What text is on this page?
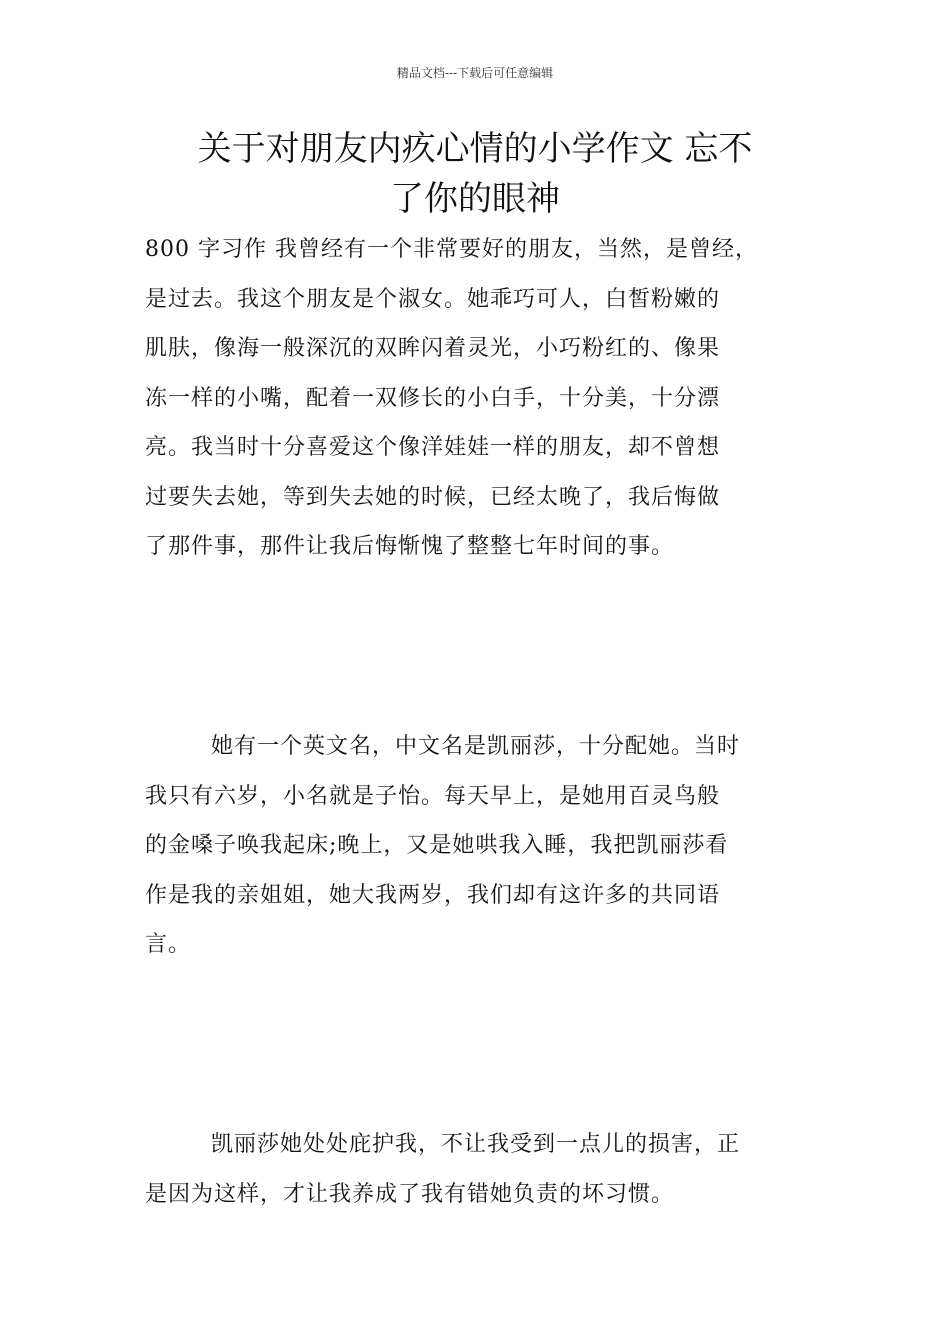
精品文档---下载后可任意编辑
关于对朋友内疚心情的小学作文 忘不
了你的眼神
800 字习作 我曾经有一个非常要好的朋友，当然，是曾经，
是过去。我这个朋友是个淑女。她乖巧可人，白皙粉嫩的
肌肤，像海一般深沉的双眸闪着灵光，小巧粉红的、像果
冻一样的小嘴，配着一双修长的小白手，十分美，十分漂
亮。我当时十分喜爱这个像洋娃娃一样的朋友，却不曾想
过要失去她，等到失去她的时候，已经太晚了，我后悔做
了那件事，那件让我后悔惭愧了整整七年时间的事。
她有一个英文名，中文名是凯丽莎，十分配她。当时
我只有六岁，小名就是子怡。每天早上，是她用百灵鸟般
的金嗓子唤我起床;晚上，又是她哄我入睡，我把凯丽莎看
作是我的亲姐姐，她大我两岁，我们却有这许多的共同语
言。
凯丽莎她处处庇护我，不让我受到一点儿的损害，正
是因为这样，才让我养成了我有错她负责的坏习惯。
